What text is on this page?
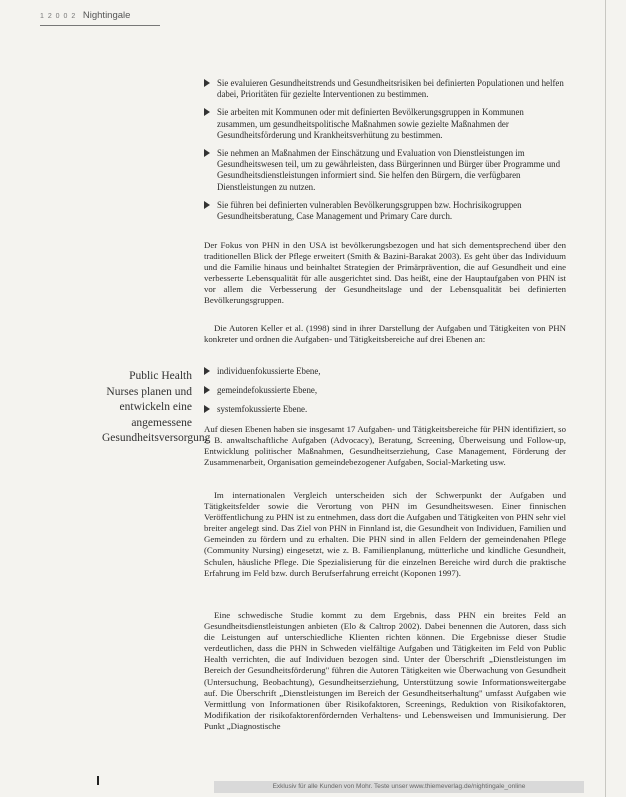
1 2 0 0 2 Nightingale
Sie evaluieren Gesundheitstrends und Gesundheitsrisiken bei definierten Populationen und helfen dabei, Prioritäten für gezielte Interventionen zu bestimmen.
Sie arbeiten mit Kommunen oder mit definierten Bevölkerungsgruppen in Kommunen zusammen, um gesundheitspolitische Maßnahmen sowie gezielte Maßnahmen der Gesundheitsförderung und Krankheitsverhütung zu bestimmen.
Sie nehmen an Maßnahmen der Einschätzung und Evaluation von Dienstleistungen im Gesundheitswesen teil, um zu gewährleisten, dass Bürgerinnen und Bürger über Programme und Gesundheitsdienstleistungen informiert sind. Sie helfen den Bürgern, die verfügbaren Dienstleistungen zu nutzen.
Sie führen bei definierten vulnerablen Bevölkerungsgruppen bzw. Hochrisikogruppen Gesundheitsberatung, Case Management und Primary Care durch.

Der Fokus von PHN in den USA ist bevölkerungsbezogen und hat sich dementsprechend über den traditionellen Blick der Pflege erweitert (Smith & Bazini-Barakat 2003). Es geht über das Individuum und die Familie hinaus und beinhaltet Strategien der Primärprävention, die auf Gesundheit und eine verbesserte Lebensqualität für alle ausgerichtet sind. Das heißt, eine der Hauptaufgaben von PHN ist vor allem die Verbesserung der Gesundheitslage und der Lebensqualität bei definierten Bevölkerungsgruppen.

Die Autoren Keller et al. (1998) sind in ihrer Darstellung der Aufgaben und Tätigkeiten von PHN konkreter und ordnen die Aufgaben- und Tätigkeitsbereiche auf drei Ebenen an:

Public Health Nurses planen und entwickeln eine angemessene Gesundheitsversorgung
individuenfokussierte Ebene,
gemeindefokussierte Ebene,
systemfokussierte Ebene.

Auf diesen Ebenen haben sie insgesamt 17 Aufgaben- und Tätigkeitsbereiche für PHN identifiziert, so z. B. anwaltschaftliche Aufgaben (Advocacy), Beratung, Screening, Überweisung und Follow-up, Entwicklung politischer Maßnahmen, Gesundheitserziehung, Case Management, Förderung der Zusammenarbeit, Organisation gemeindebezogener Aufgaben, Social-Marketing usw.

Im internationalen Vergleich unterscheiden sich der Schwerpunkt der Aufgaben und Tätigkeitsfelder sowie die Verortung von PHN im Gesundheitswesen. Einer finnischen Veröffentlichung zu PHN ist zu entnehmen, dass dort die Aufgaben und Tätigkeiten von PHN sehr viel breiter angelegt sind. Das Ziel von PHN in Finnland ist, die Gesundheit von Individuen, Familien und Gemeinden zu fördern und zu erhalten. Die PHN sind in allen Feldern der gemeindenahen Pflege (Community Nursing) eingesetzt, wie z. B. Familienplanung, mütterliche und kindliche Gesundheit, Schulen, häusliche Pflege. Die Spezialisierung für die einzelnen Bereiche wird durch die praktische Erfahrung im Feld bzw. durch Berufserfahrung erreicht (Koponen 1997).

Eine schwedische Studie kommt zu dem Ergebnis, dass PHN ein breites Feld an Gesundheitsdienstleistungen anbieten (Elo & Caltrop 2002). Dabei benennen die Autoren, dass sich die Leistungen auf unterschiedliche Klienten richten können. Die Ergebnisse dieser Studie verdeutlichen, dass die PHN in Schweden vielfältige Aufgaben und Tätigkeiten im Feld von Public Health verrichten, die auf Individuen bezogen sind. Unter der Überschrift „Dienstleistungen im Bereich der Gesundheitsförderung" führen die Autoren Tätigkeiten wie Überwachung von Gesundheit (Untersuchung, Beobachtung), Gesundheitserziehung, Unterstützung sowie Informationsweitergabe auf. Die Überschrift „Dienstleistungen im Bereich der Gesundheitserhaltung" umfasst Aufgaben wie Vermittlung von Informationen über Risikofaktoren, Screenings, Reduktion von Risikofaktoren, Modifikation der risikofaktorenfördernden Verhaltens- und Lebensweisen und Immunisierung. Der Punkt „Diagnostische

Exklusiv für alle Kunden von Mohr. Teste unser www.thiemeverlag.de/nightingale_online
